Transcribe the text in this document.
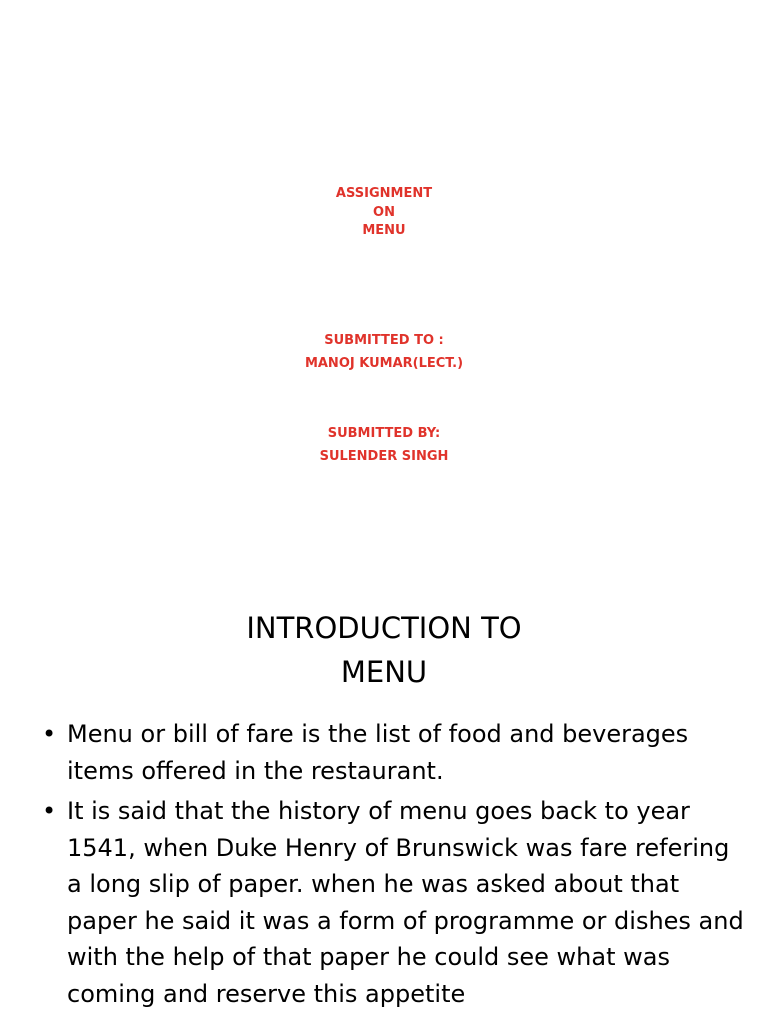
ASSIGNMENT
ON
MENU
SUBMITTED TO :
MANOJ KUMAR(LECT.)
SUBMITTED BY:
SULENDER SINGH
INTRODUCTION TO
MENU
• Menu or bill of fare is the list of food and beverages items offered in the restaurant.
• It is said that the history of menu goes back to year 1541, when Duke Henry of Brunswick was fare refering a long slip of paper. when he was asked about that paper he said it was a form of programme or dishes and with the help of that paper he could see what was coming and reserve this appetite
